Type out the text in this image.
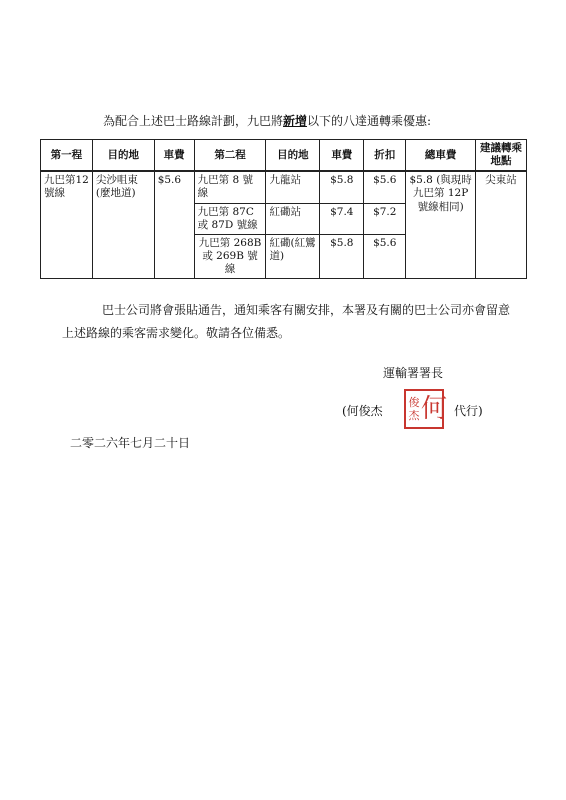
為配合上述巴士路線計劃，九巴將新增以下的八達通轉乘優惠:
第一程	目的地	車費	第二程	目的地	車費	折扣	總車費	建議轉乘地點
九巴第12號線	尖沙咀東(麼地道)	$5.6	九巴第 8 號線	九龍站	$5.8	$5.6	$5.8 (與現時九巴第 12P 號線相同)	尖東站
			九巴第 87C 或 87D 號線	紅磡站	$7.4	$7.2		
			九巴第 268B 或 269B 號線	紅磡(紅鸞道)	$5.8	$5.6		
巴士公司將會張貼通告，通知乘客有關安排，本署及有關的巴士公司亦會留意上述路線的乘客需求變化。敬請各位備悉。
運輸署署長
(何俊杰
俊
杰 何 代行)
二零二六年七月二十日
